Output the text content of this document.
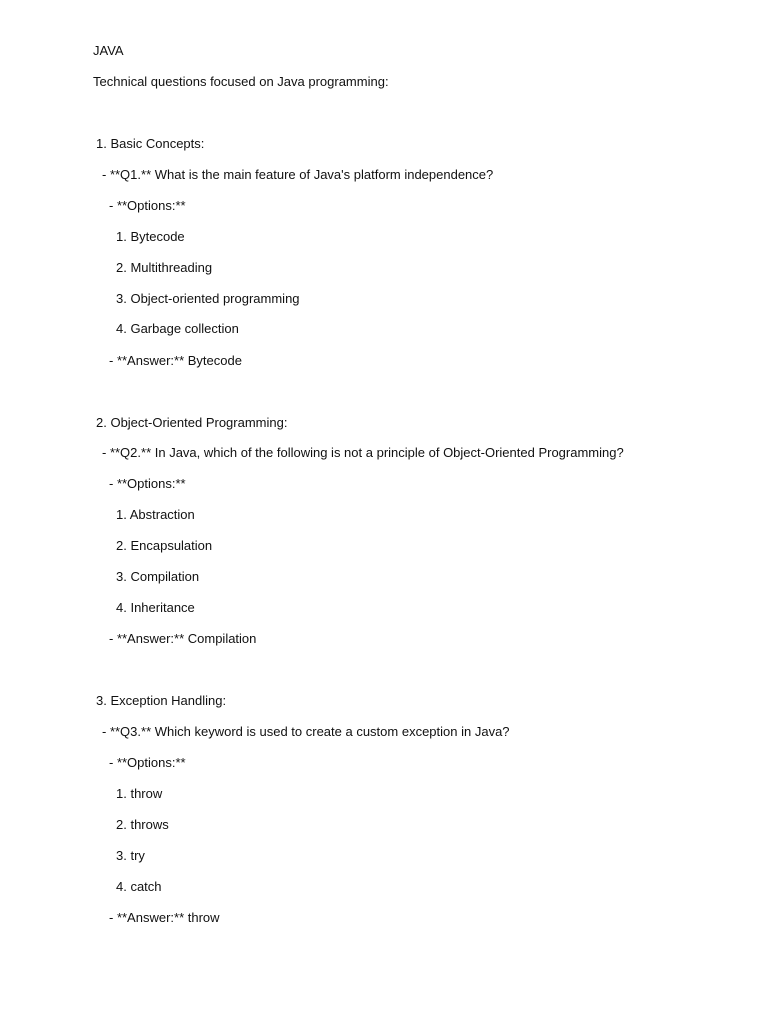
JAVA
Technical questions focused on Java programming:
1. Basic Concepts:
- **Q1.** What is the main feature of Java's platform independence?
- **Options:**
1. Bytecode
2. Multithreading
3. Object-oriented programming
4. Garbage collection
- **Answer:** Bytecode
2. Object-Oriented Programming:
- **Q2.** In Java, which of the following is not a principle of Object-Oriented Programming?
- **Options:**
1. Abstraction
2. Encapsulation
3. Compilation
4. Inheritance
- **Answer:** Compilation
3. Exception Handling:
- **Q3.** Which keyword is used to create a custom exception in Java?
- **Options:**
1. throw
2. throws
3. try
4. catch
- **Answer:** throw
